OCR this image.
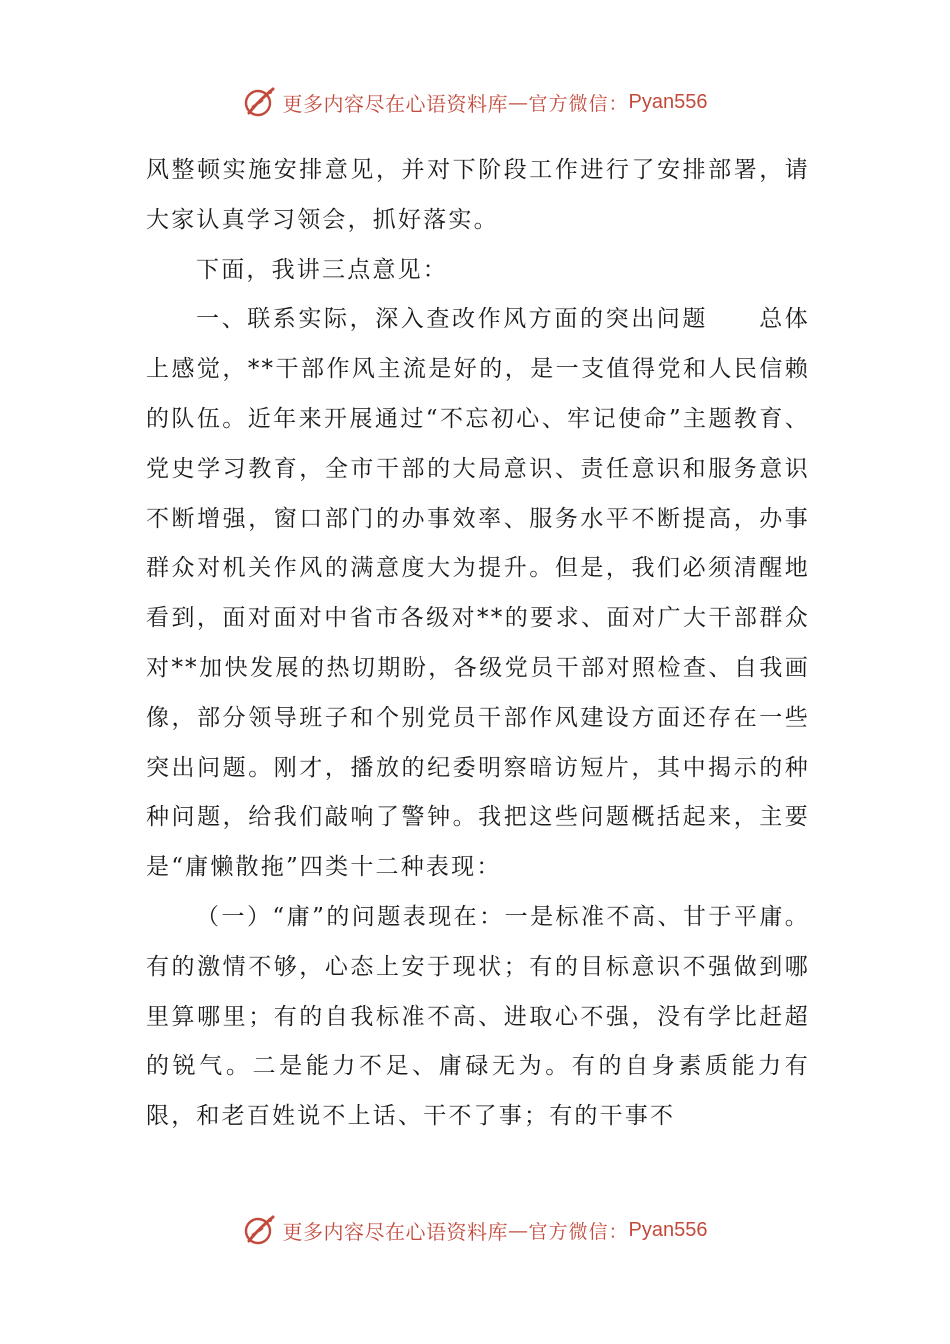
更多内容尽在心语资料库 — 官方微信： Pyan556

风整顿实施安排意见，并对下阶段工作进行了安排部署，请大家认真学习领会，抓好落实。

下面，我讲三点意见：

一、联系实际，深入查改作风方面的突出问题　　总体上感觉，**干部作风主流是好的，是一支值得党和人民信赖的队伍。近年来开展通过“不忘初心、牢记使命”主题教育、党史学习教育，全市干部的大局意识、责任意识和服务意识不断增强，窗口部门的办事效率、服务水平不断提高，办事群众对机关作风的满意度大为提升。但是，我们必须清醒地看到，面对面对中省市各级对**的要求、面对广大干部群众对**加快发展的热切期盼，各级党员干部对照检查、自我画像，部分领导班子和个别党员干部作风建设方面还存在一些突出问题。刚才，播放的纪委明察暗访短片，其中揭示的种种问题，给我们敲响了警钟。我把这些问题概括起来，主要是“庸懒散拖”四类十二种表现：

（一）“庸”的问题表现在：一是标准不高、甘于平庸。有的激情不够，心态上安于现状；有的目标意识不强做到哪里算哪里；有的自我标准不高、进取心不强，没有学比赶超的锐气。二是能力不足、庸碌无为。有的自身素质能力有限，和老百姓说不上话、干不了事；有的干事不

更多内容尽在心语资料库 — 官方微信： Pyan556
